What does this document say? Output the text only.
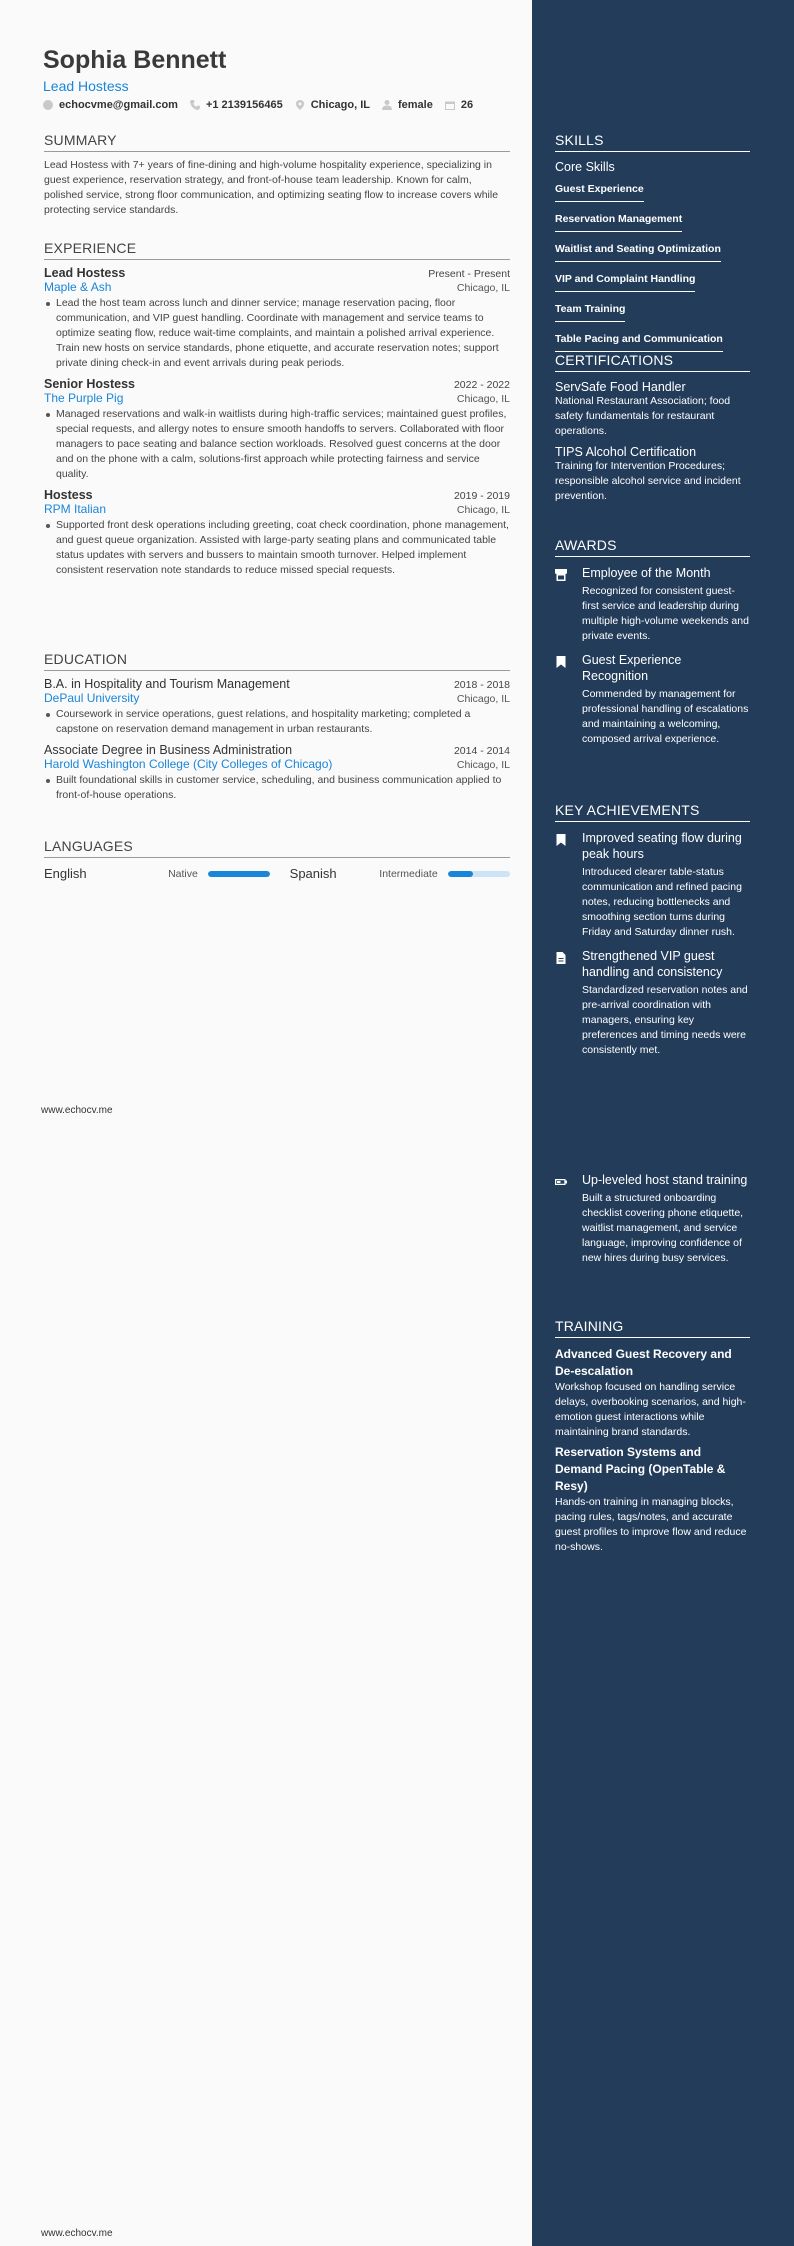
Sophia Bennett
Lead Hostess
echocvme@gmail.com	+1 2139156465	Chicago, IL	female	26
SUMMARY
Lead Hostess with 7+ years of fine-dining and high-volume hospitality experience, specializing in guest experience, reservation strategy, and front-of-house team leadership. Known for calm, polished service, strong floor communication, and optimizing seating flow to increase covers while protecting service standards.
EXPERIENCE
Lead Hostess	Present - Present
Maple & Ash	Chicago, IL
Lead the host team across lunch and dinner service; manage reservation pacing, floor communication, and VIP guest handling. Coordinate with management and service teams to optimize seating flow, reduce wait-time complaints, and maintain a polished arrival experience. Train new hosts on service standards, phone etiquette, and accurate reservation notes; support private dining check-in and event arrivals during peak periods.
Senior Hostess	2022 - 2022
The Purple Pig	Chicago, IL
Managed reservations and walk-in waitlists during high-traffic services; maintained guest profiles, special requests, and allergy notes to ensure smooth handoffs to servers. Collaborated with floor managers to pace seating and balance section workloads. Resolved guest concerns at the door and on the phone with a calm, solutions-first approach while protecting fairness and service quality.
Hostess	2019 - 2019
RPM Italian	Chicago, IL
Supported front desk operations including greeting, coat check coordination, phone management, and guest queue organization. Assisted with large-party seating plans and communicated table status updates with servers and bussers to maintain smooth turnover. Helped implement consistent reservation note standards to reduce missed special requests.
EDUCATION
B.A. in Hospitality and Tourism Management	2018 - 2018
DePaul University	Chicago, IL
Coursework in service operations, guest relations, and hospitality marketing; completed a capstone on reservation demand management in urban restaurants.
Associate Degree in Business Administration	2014 - 2014
Harold Washington College (City Colleges of Chicago)	Chicago, IL
Built foundational skills in customer service, scheduling, and business communication applied to front-of-house operations.
LANGUAGES
English	Native	Spanish	Intermediate
www.echocv.me
www.echocv.me
SKILLS
Core Skills
Guest Experience
Reservation Management
Waitlist and Seating Optimization
VIP and Complaint Handling
Team Training
Table Pacing and Communication
CERTIFICATIONS
ServSafe Food Handler
National Restaurant Association; food safety fundamentals for restaurant operations.
TIPS Alcohol Certification
Training for Intervention Procedures; responsible alcohol service and incident prevention.
AWARDS
Employee of the Month
Recognized for consistent guest-first service and leadership during multiple high-volume weekends and private events.
Guest Experience Recognition
Commended by management for professional handling of escalations and maintaining a welcoming, composed arrival experience.
KEY ACHIEVEMENTS
Improved seating flow during peak hours
Introduced clearer table-status communication and refined pacing notes, reducing bottlenecks and smoothing section turns during Friday and Saturday dinner rush.
Strengthened VIP guest handling and consistency
Standardized reservation notes and pre-arrival coordination with managers, ensuring key preferences and timing needs were consistently met.
Up-leveled host stand training
Built a structured onboarding checklist covering phone etiquette, waitlist management, and service language, improving confidence of new hires during busy services.
TRAINING
Advanced Guest Recovery and De-escalation
Workshop focused on handling service delays, overbooking scenarios, and high-emotion guest interactions while maintaining brand standards.
Reservation Systems and Demand Pacing (OpenTable & Resy)
Hands-on training in managing blocks, pacing rules, tags/notes, and accurate guest profiles to improve flow and reduce no-shows.
